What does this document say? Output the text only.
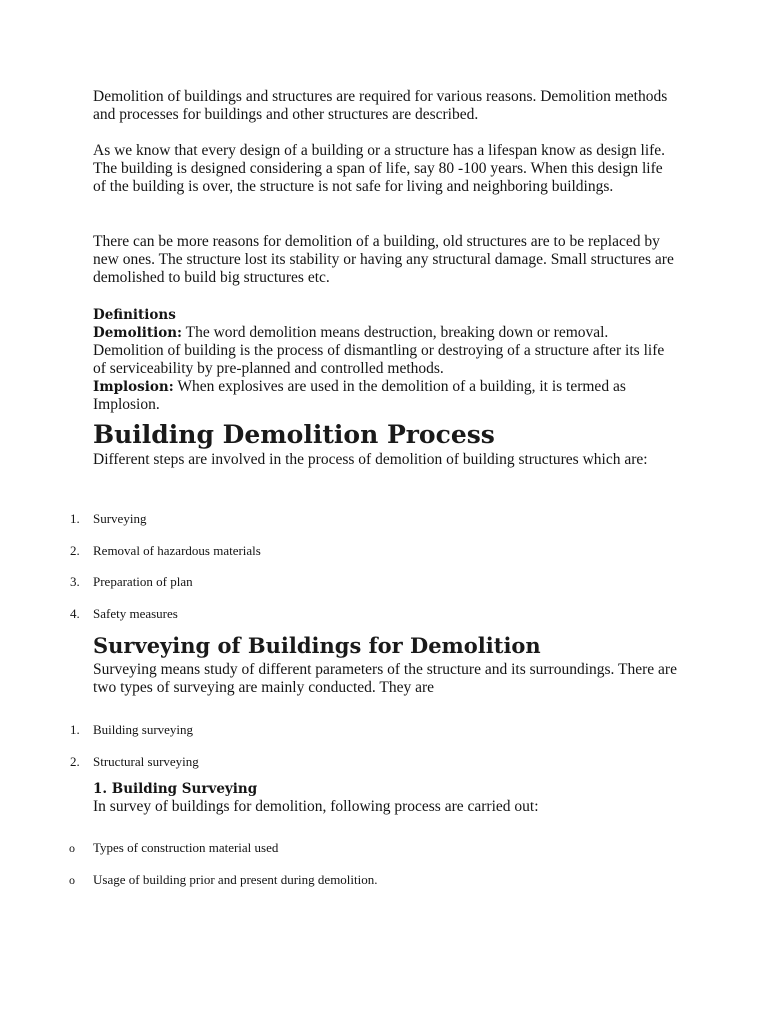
Demolition of buildings and structures are required for various reasons. Demolition methods and processes for buildings and other structures are described.

As we know that every design of a building or a structure has a lifespan know as design life. The building is designed considering a span of life, say 80 -100 years. When this design life of the building is over, the structure is not safe for living and neighboring buildings.

There can be more reasons for demolition of a building, old structures are to be replaced by new ones. The structure lost its stability or having any structural damage. Small structures are demolished to build big structures etc.

Definitions
Demolition: The word demolition means destruction, breaking down or removal. Demolition of building is the process of dismantling or destroying of a structure after its life of serviceability by pre-planned and controlled methods.
Implosion: When explosives are used in the demolition of a building, it is termed as Implosion.
Building Demolition Process

Different steps are involved in the process of demolition of building structures which are:

1.	Surveying
2.	Removal of hazardous materials
3.	Preparation of plan
4.	Safety measures
Surveying of Buildings for Demolition

Surveying means study of different parameters of the structure and its surroundings. There are two types of surveying are mainly conducted. They are

1.	Building surveying
2.	Structural surveying
1. Building Surveying

In survey of buildings for demolition, following process are carried out:

o	Types of construction material used
o	Usage of building prior and present during demolition.
